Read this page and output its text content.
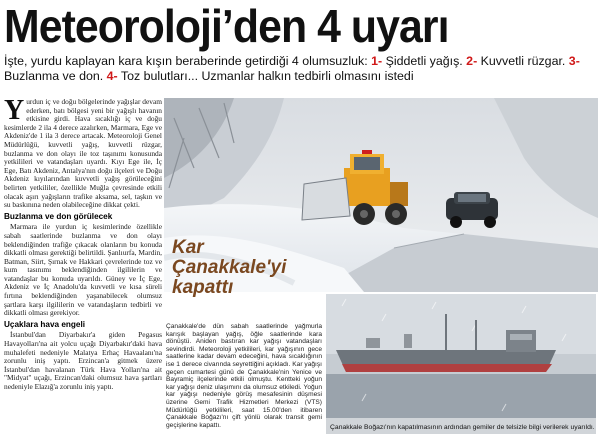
Meteoroloji’den 4 uyarı
İşte, yurdu kaplayan kara kışın beraberinde getirdiği 4 olumsuzluk: 1- Şiddetli yağış. 2- Kuvvetli rüzgar. 3- Buzlanma ve don. 4- Toz bulutları... Uzmanlar halkın tedbirli olmasını istedi

Yurdun iç ve doğu bölgelerinde yağışlar devam ederken, batı bölgesi yeni bir yağışlı havanın etkisine girdi. Hava sıcaklığı iç ve doğu kesimlerde 2 ila 4 derece azalırken, Marmara, Ege ve Akdeniz'de 1 ila 3 derece artacak. Meteoroloji Genel Müdürlüğü, kuvvetli yağış, kuvvetli rüzgar, buzlanma ve don olayı ile toz taşınımı konusunda yetkilileri ve vatandaşları uyardı. Kıyı Ege ile, İç Ege, Batı Akdeniz, Antalya'nın doğu ilçeleri ve Doğu Akdeniz kıyılarından kuvvetli yağış görüleceğini belirten yetkililer, özellikle Muğla çevresinde etkili olacak aşırı yağışların trafike aksama, sel, taşkın ve su baskınına neden olabileceğine dikkat çekti.

Buzlanma ve don görülecek

Marmara ile yurdun iç kesimlerinde özellikle sabah saatlerinde buzlanma ve don olayı beklendiğinden trafiğe çıkacak olanların bu konuda dikkatli olması gerektiği belirtildi. Şanlıurfa, Mardin, Batman, Siirt, Şırnak ve Hakkari çevrelerinde toz ve kum tasınımı beklendiğinden ilgililerin ve vatandaşlar bu konuda uyarıldı. Güney ve İç Ege, Akdeniz ve İç Anadolu'da kuvvetli ve kısa süreli fırtına beklendiğinden yaşanabilecek olumsuz şartlara karşı ilgililerin ve vatandaşların tedbirli ve dikkatli olması gerekiyor.

Uçaklara hava engeli

İstanbul'dan Diyarbakır'a giden Pegasus Havayolları'na ait yolcu uçağı Diyarbakır'daki hava muhalefeti nedeniyle Malatya Erhaç Havaalanı'na zorunlu iniş yaptı. Erzincan'a gitmek üzere İstanbul'dan havalanan Türk Hava Yolları'na ait "Midyat" uçağı, Erzincan'daki olumsuz hava şartları nedeniyle Elazığ'a zorunlu iniş yaptı.

Kar Çanakkale'yi kapattı
Çanakkale'de dün sabah saatlerinde yağmurla karışık başlayan yağış, öğle saatlerinde kara dönüştü. Aniden bastıran kar yağışı vatandaşları sevindirdi. Meteoroloji yetkilileri, kar yağışının gece saatlerine kadar devam edeceğini, hava sıcaklığının ise 1 derece civarında seyrettiğini açıkladı. Kar yağışı geçen cumartesi günü de Çanakkale'nin Yenice ve Bayramiç ilçelerinde etkili olmuştu. Kentteki yoğun kar yağışı deniz ulaşımını da olumsuz etkiledi. Yoğun kar yağışı nedeniyle görüş mesafesinin düşmesi üzerine Gemi Trafik Hizmetleri Merkezi (VTS) Müdürlüğü yetkilileri, saat 15.00'den itibaren Çanakkale Boğazı'nı çift yönlü olarak transit gemi geçişlerine kapattı.	Çanakkale Boğazı'nın kapatılmasının ardından gemiler de telsizle bilgi verilerek uyarıldı.
